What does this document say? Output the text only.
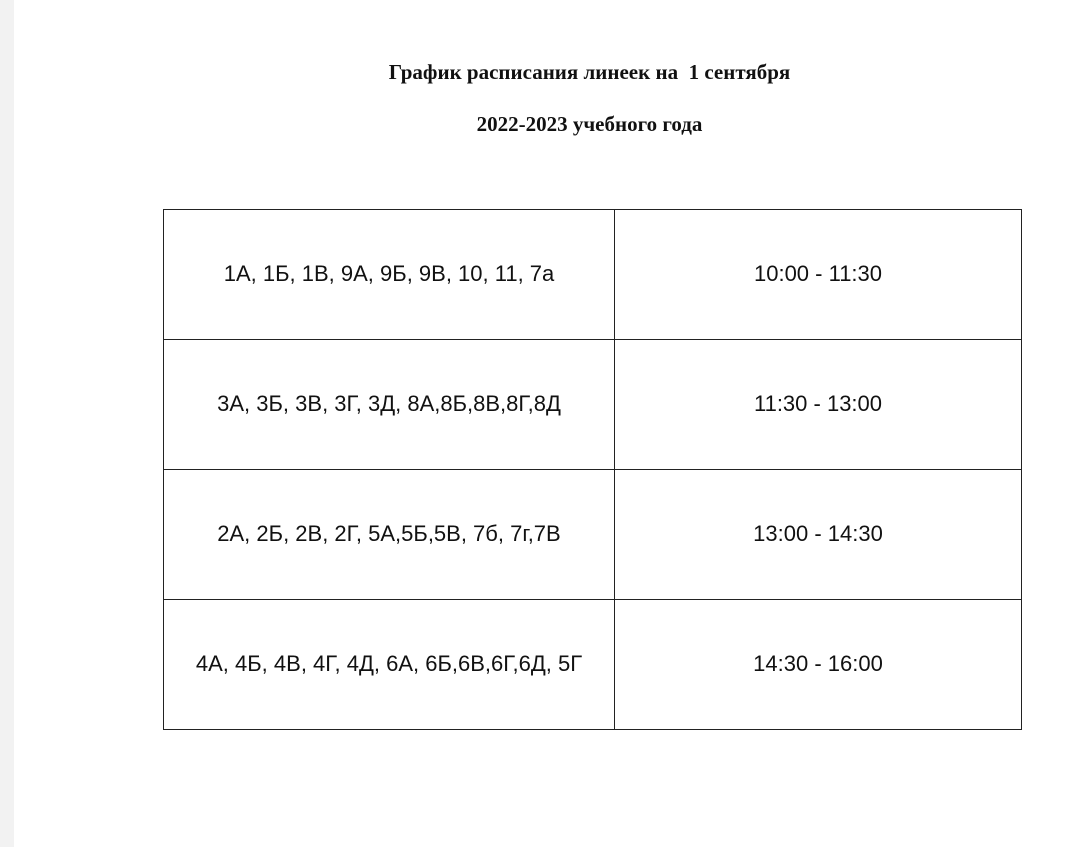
График расписания линеек на  1 сентября
2022-2023 учебного года
1А, 1Б, 1В, 9А, 9Б, 9В, 10, 11, 7а	10:00 - 11:30
3А, 3Б, 3В, 3Г, 3Д, 8А,8Б,8В,8Г,8Д	11:30 - 13:00
2А, 2Б, 2В, 2Г, 5А,5Б,5В, 7б, 7г,7В	13:00 - 14:30
4А, 4Б, 4В, 4Г, 4Д, 6А, 6Б,6В,6Г,6Д, 5Г	14:30 - 16:00
